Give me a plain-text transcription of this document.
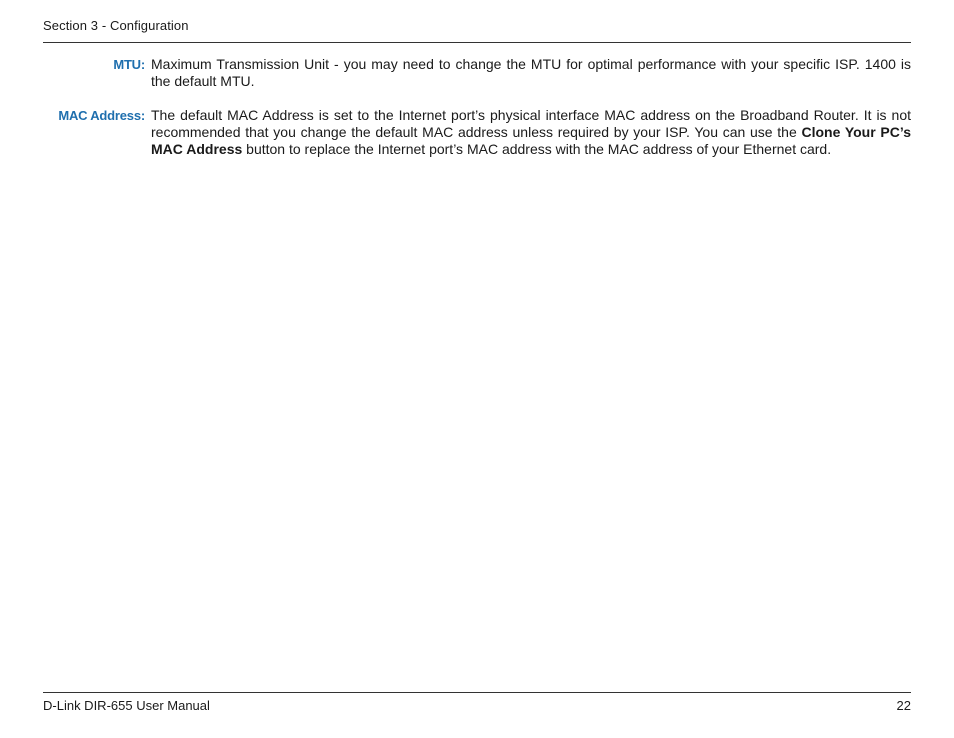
Section 3 - Configuration
MTU: Maximum Transmission Unit - you may need to change the MTU for optimal performance with your specific ISP. 1400 is the default MTU.
MAC Address: The default MAC Address is set to the Internet port’s physical interface MAC address on the Broadband Router. It is not recommended that you change the default MAC address unless required by your ISP. You can use the Clone Your PC’s MAC Address button to replace the Internet port’s MAC address with the MAC address of your Ethernet card.
D-Link DIR-655 User Manual	22
